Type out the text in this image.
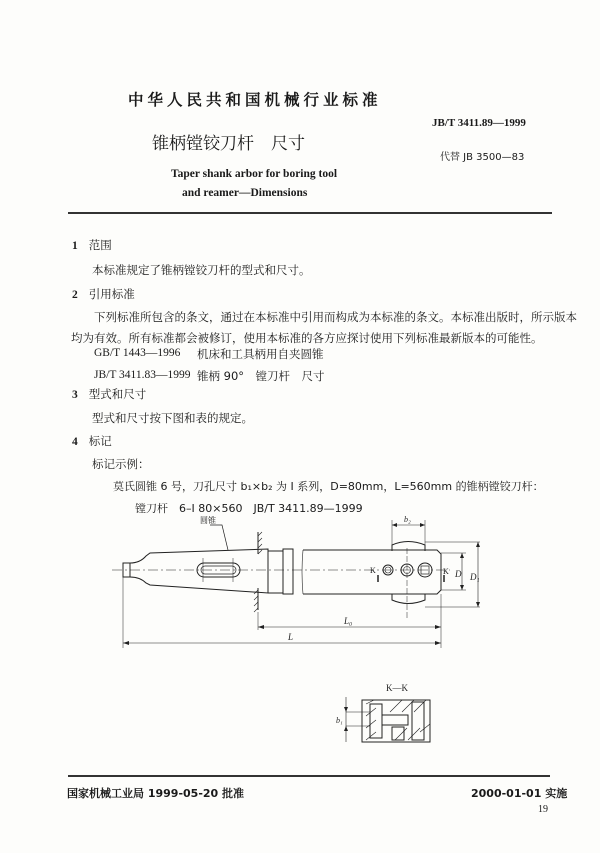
中华人民共和国机械行业标准
JB/T 3411.89—1999
锥柄镗铰刀杆　尺寸
代替 JB 3500—83
Taper shank arbor for boring tool
and reamer—Dimensions
1 范围
本标准规定了锥柄镗铰刀杆的型式和尺寸。
2 引用标准
下列标准所包含的条文，通过在本标准中引用而构成为本标准的条文。本标准出版时，所示版本
均为有效。所有标准都会被修订，使用本标准的各方应探讨使用下列标准最新版本的可能性。
GB/T 1443—1996 机床和工具柄用自夹圆锥
JB/T 3411.83—1999 锥柄 90°　镗刀杆　尺寸
3 型式和尺寸
型式和尺寸按下图和表的规定。
4 标记
标记示例：
莫氏圆锥 6 号，刀孔尺寸 b₁×b₂ 为 Ⅰ 系列，D=80mm，L=560mm 的锥柄镗铰刀杆：
镗刀杆　6–Ⅰ 80×560　JB/T 3411.89—1999
圆锥
K	K
b₂
D D₁
L₀
L
K—K
b₁
国家机械工业局 1999-05-20 批准	2000-01-01 实施
19
